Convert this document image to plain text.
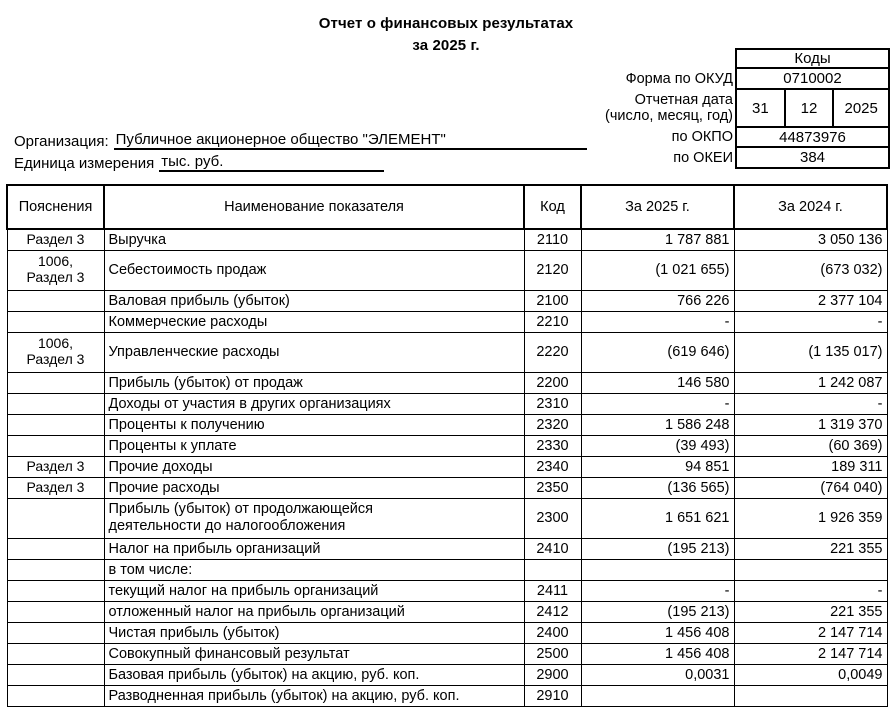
Отчет о финансовых результатах
за 2025 г.
Коды
Форма по ОКУД	0710002
Отчетная дата
(число, месяц, год)	31	12	2025
по ОКПО	44873976
по ОКЕИ	384
Организация: Публичное акционерное общество "ЭЛЕМЕНТ"
Единица измерения тыс. руб.
Пояснения	Наименование показателя	Код	За 2025 г.	За 2024 г.
Раздел 3	Выручка	2110	1 787 881	3 050 136

1006,
Раздел 3	Себестоимость продаж	2120	(1 021 655)	(673 032)
	Валовая прибыль (убыток)	2100	766 226	2 377 104
	Коммерческие расходы	2210	-	-

1006,
Раздел 3	Управленческие расходы	2220	(619 646)	(1 135 017)
	Прибыль (убыток) от продаж	2200	146 580	1 242 087
	Доходы от участия в других организациях	2310	-	-
	Проценты к получению	2320	1 586 248	1 319 370
	Проценты к уплате	2330	(39 493)	(60 369)
Раздел 3	Прочие доходы	2340	94 851	189 311
Раздел 3	Прочие расходы	2350	(136 565)	(764 040)

	Прибыль (убыток) от продолжающейся
деятельности до налогообложения	2300	1 651 621	1 926 359
	Налог на прибыль организаций	2410	(195 213)	221 355
	в том числе:			
	текущий налог на прибыль организаций	2411	-	-
	отложенный налог на прибыль организаций	2412	(195 213)	221 355
	Чистая прибыль (убыток)	2400	1 456 408	2 147 714
	Совокупный финансовый результат	2500	1 456 408	2 147 714
	Базовая прибыль (убыток) на акцию, руб. коп.	2900	0,0031	0,0049
	Разводненная прибыль (убыток) на акцию, руб. коп.	2910		
